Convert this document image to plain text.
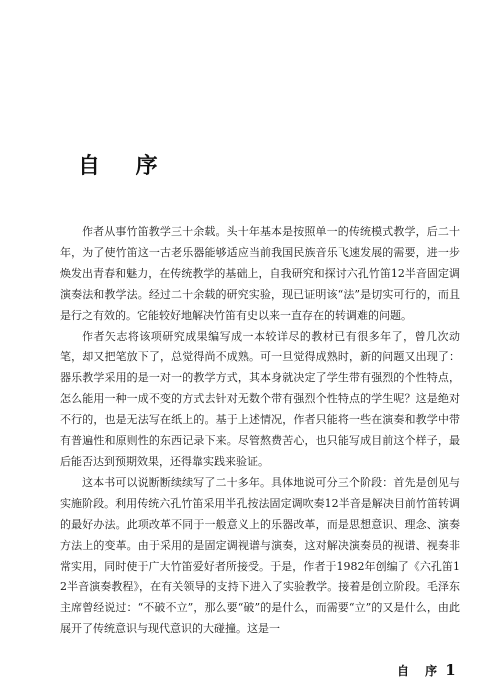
自 序

作者从事竹笛教学三十余载。头十年基本是按照单一的传统模式教学，后二十年，为了使竹笛这一古老乐器能够适应当前我国民族音乐飞速发展的需要，进一步焕发出青春和魅力，在传统教学的基础上，自我研究和探讨六孔竹笛12半音固定调演奏法和教学法。经过二十余载的研究实验，现已证明该“法”是切实可行的，而且是行之有效的。它能较好地解决竹笛有史以来一直存在的转调难的问题。

作者矢志将该项研究成果编写成一本较详尽的教材已有很多年了，曾几次动笔，却又把笔放下了，总觉得尚不成熟。可一旦觉得成熟时，新的问题又出现了：器乐教学采用的是一对一的教学方式，其本身就决定了学生带有强烈的个性特点，怎么能用一种一成不变的方式去针对无数个带有强烈个性特点的学生呢？这是绝对不行的，也是无法写在纸上的。基于上述情况，作者只能将一些在演奏和教学中带有普遍性和原则性的东西记录下来。尽管熬费苦心，也只能写成目前这个样子，最后能否达到预期效果，还得靠实践来验证。

这本书可以说断断续续写了二十多年。具体地说可分三个阶段：首先是创见与实施阶段。利用传统六孔竹笛采用半孔按法固定调吹奏12半音是解决目前竹笛转调的最好办法。此项改革不同于一般意义上的乐器改革，而是思想意识、理念、演奏方法上的变革。由于采用的是固定调视谱与演奏，这对解决演奏员的视谱、视奏非常实用，同时使于广大竹笛爱好者所接受。于是，作者于1982年创编了《六孔笛12半音演奏教程》，在有关领导的支持下进入了实验教学。接着是创立阶段。毛泽东主席曾经说过：“不破不立”，那么要“破”的是什么，而需要“立”的又是什么，由此展开了传统意识与现代意识的大碰撞。这是一

自 序 1
